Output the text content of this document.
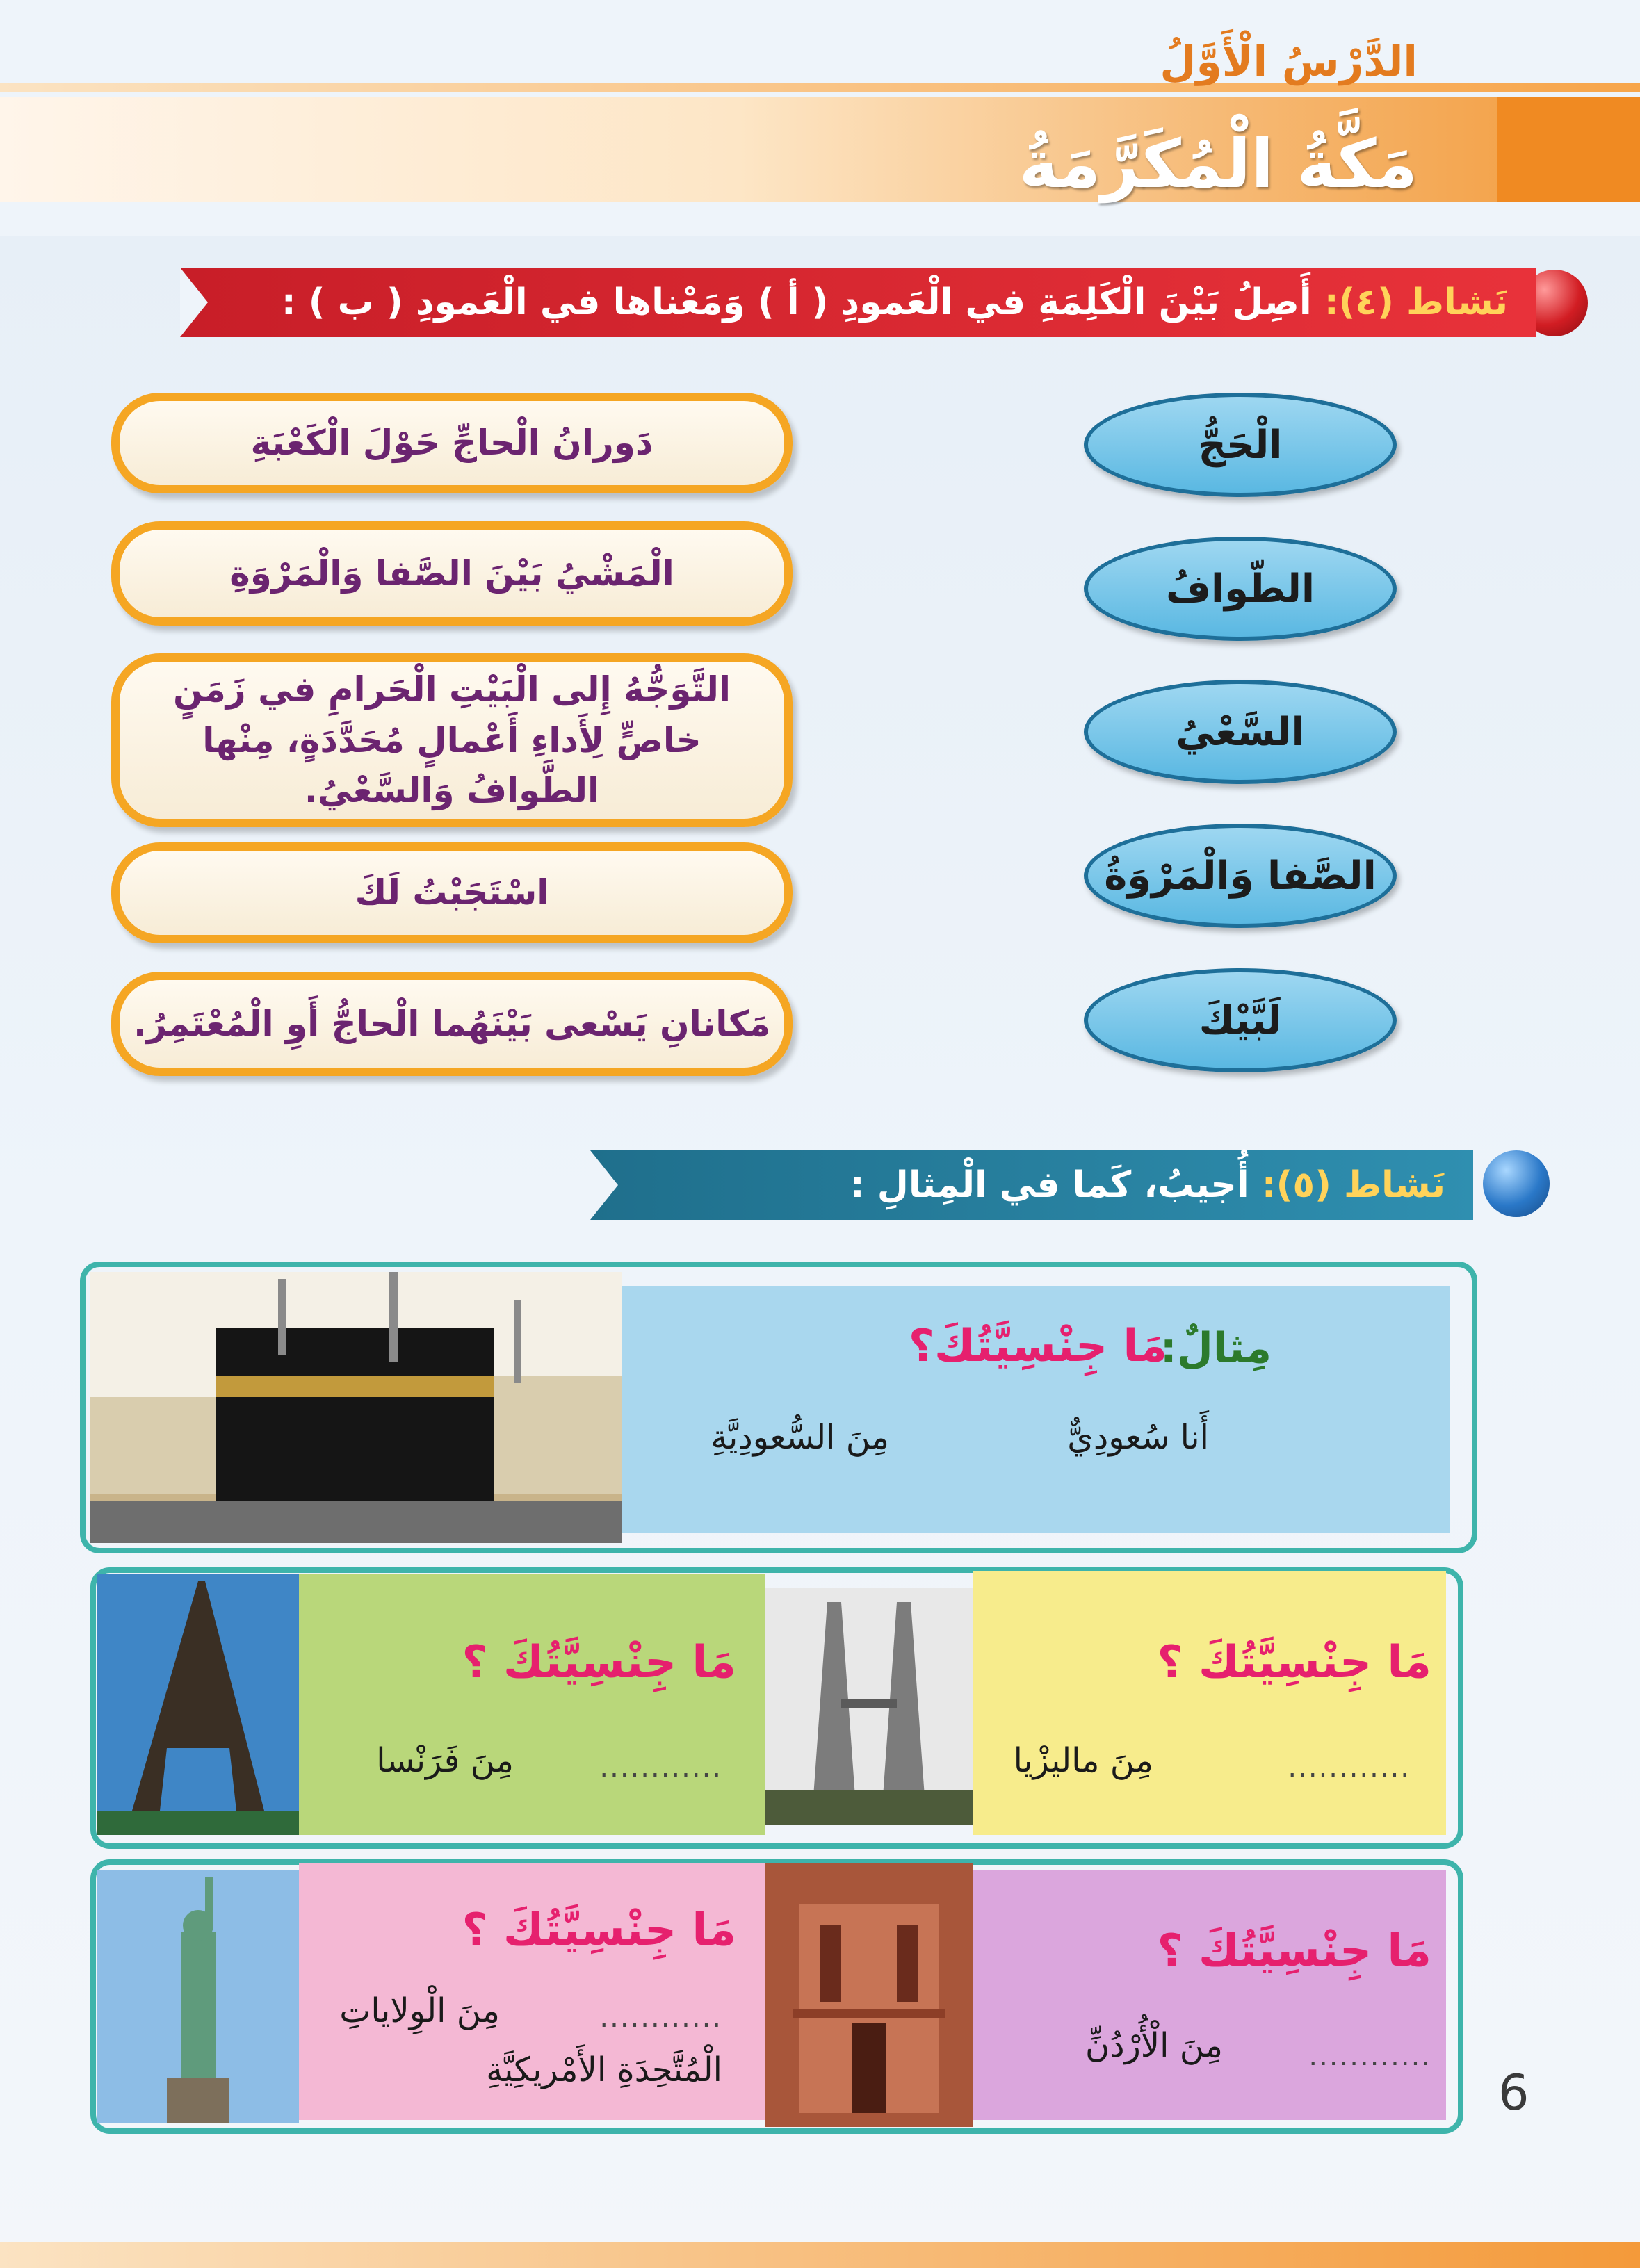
الدَّرْسُ الْأَوَّلُ
مَكَّةُ الْمُكَرَّمَةُ
نَشاط (٤): أَصِلُ بَيْنَ الْكَلِمَةِ في الْعَمودِ ( أ ) وَمَعْناها في الْعَمودِ ( ب ) :
دَورانُ الْحاجِّ حَوْلَ الْكَعْبَةِ
الْمَشْيُ بَيْنَ الصَّفا وَالْمَرْوَةِ
التَّوَجُّهُ إِلى الْبَيْتِ الْحَرامِ في زَمَنٍ خاصٍّ لِأَداءِ أَعْمالٍ مُحَدَّدَةٍ، مِنْها الطَّوافُ وَالسَّعْيُ.
اسْتَجَبْتُ لَكَ
مَكانانِ يَسْعى بَيْنَهُما الْحاجُّ أَوِ الْمُعْتَمِرُ.
الْحَجُّ
الطّوافُ
السَّعْيُ
الصَّفا وَالْمَرْوَةُ
لَبَّيْكَ
نَشاط (٥): أُجيبُ، كَما في الْمِثالِ :
مِثالٌ:
مَا جِنْسِيَّتُكَ؟
أَنا سُعودِيٌّ
مِنَ السُّعودِيَّةِ
مَا جِنْسِيَّتُكَ ؟
............
مِنَ ماليزْيا
مَا جِنْسِيَّتُكَ ؟
............
مِنَ فَرَنْسا
مَا جِنْسِيَّتُكَ ؟
............
مِنَ الْأُرْدُنِّ
مَا جِنْسِيَّتُكَ ؟
............
مِنَ الْوِلاياتِ
الْمُتَّحِدَةِ الأَمْريكِيَّةِ	6
